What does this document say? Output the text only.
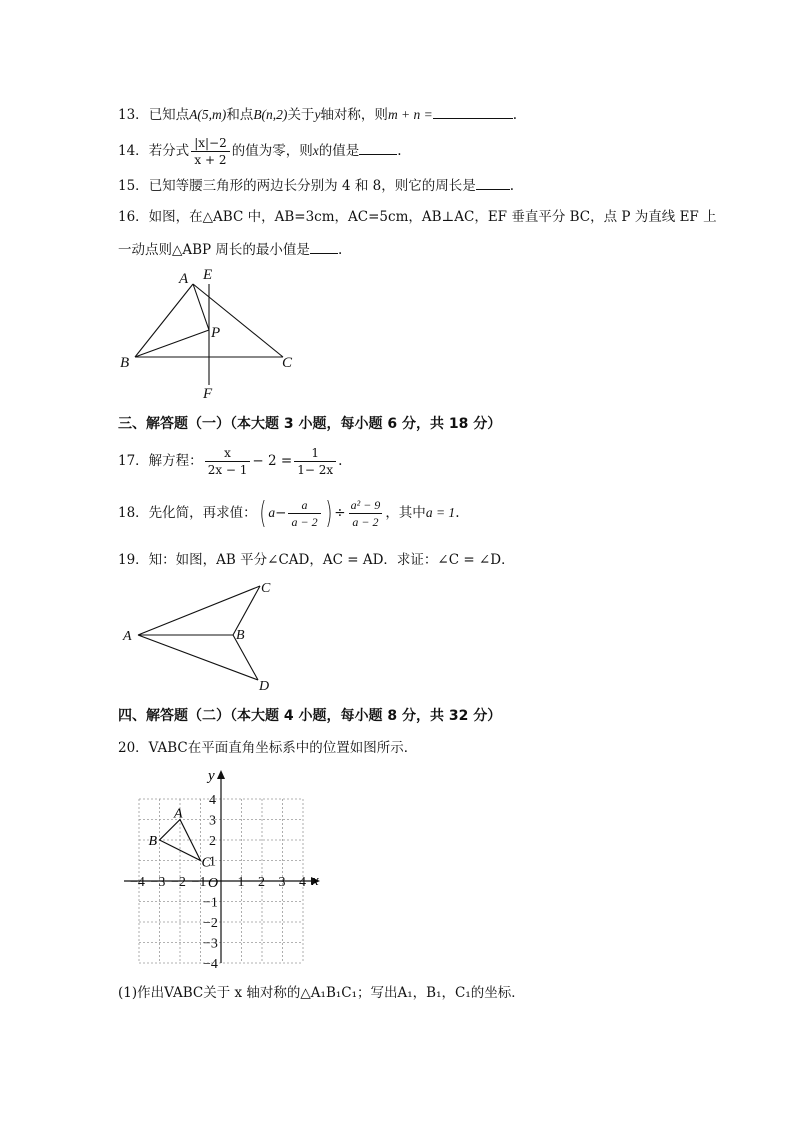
13．已知点A(5,m)和点B(n,2)关于y轴对称，则m + n =	.
14．若分式 $\frac{|x|-2}{x + 2}$ 的值为零，则x的值是	.
15．已知等腰三角形的两边长分别为 4 和 8，则它的周长是	.
16．如图，在△ABC 中，AB=3cm，AC=5cm，AB⊥AC，EF 垂直平分 BC，点 P 为直线 EF 上
一动点则△ABP 周长的最小值是 .
A E
P
B	C
F
三、解答题（一）（本大题 3 小题，每小题 6 分，共 18 分）
17．解方程： $\frac{x}{2x - 1} - 2 = \frac{1}{1- 2x}$ .
18．先化简，再求值：( $a- \frac{a}{a - 2}$ ) ÷ $\frac{\text{a² − 9}}{a - 2}$ ，其中a = 1.
19．知：如图，AB 平分∠CAD，AC = AD．求证：∠C = ∠D．
A	B
C
D
四、解答题（二）（本大题 4 小题，每小题 8 分，共 32 分）
20．VABC在平面直角坐标系中的位置如图所示．
−4 −3 −2 −1 1 2 3 4
4
3
2
1
−1
−2
−3
−4
x
y
O
A
B
C
(1)作出VABC关于 x 轴对称的△A₁B₁C₁；写出A₁，B₁，C₁的坐标．
